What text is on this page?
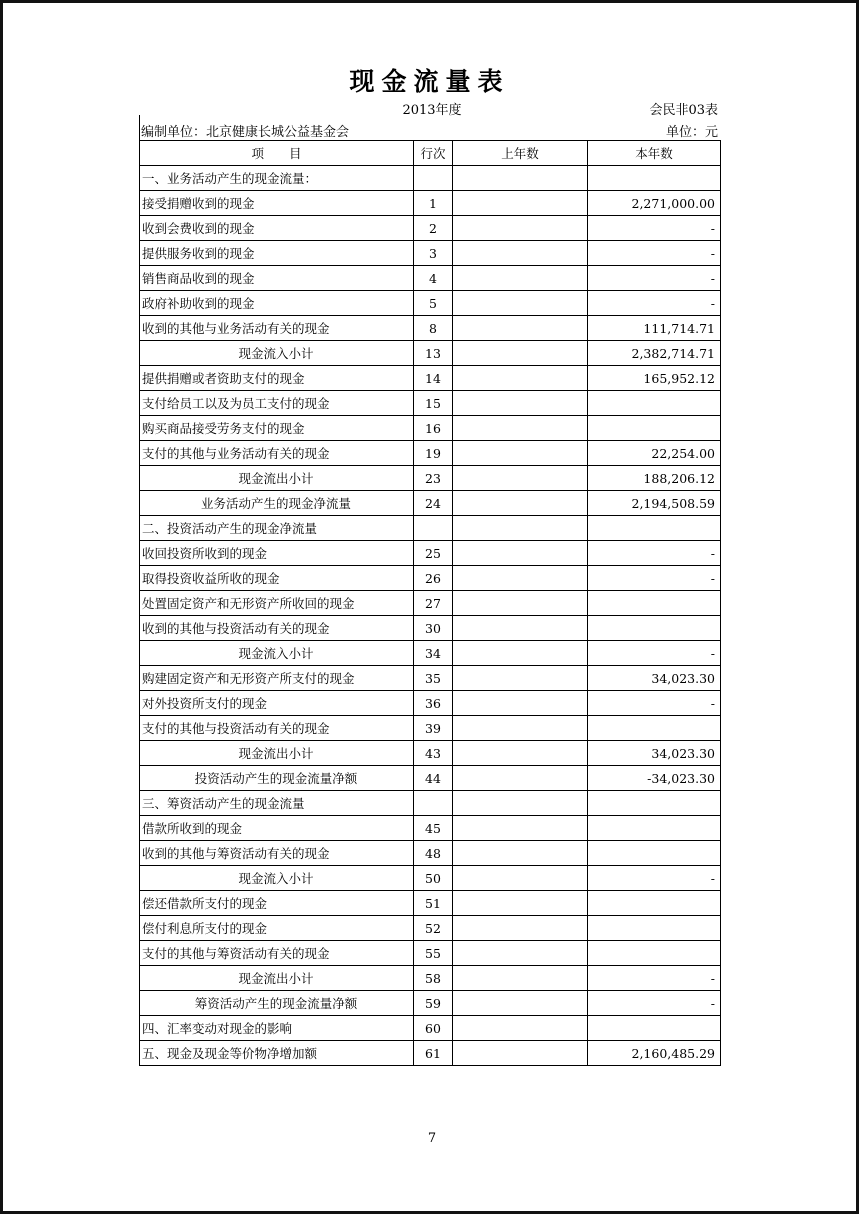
现金流量表
2013年度	会民非03表
编制单位：北京健康长城公益基金会	单位：元
项　　目	行次	上年数	本年数
一、业务活动产生的现金流量：			
接受捐赠收到的现金	1		2,271,000.00
收到会费收到的现金	2		-
提供服务收到的现金	3		-
销售商品收到的现金	4		-
政府补助收到的现金	5		-
收到的其他与业务活动有关的现金	8		111,714.71
现金流入小计	13		2,382,714.71
提供捐赠或者资助支付的现金	14		165,952.12
支付给员工以及为员工支付的现金	15		
购买商品接受劳务支付的现金	16		
支付的其他与业务活动有关的现金	19		22,254.00
现金流出小计	23		188,206.12
业务活动产生的现金净流量	24		2,194,508.59
二、投资活动产生的现金净流量			
收回投资所收到的现金	25		-
取得投资收益所收的现金	26		-
处置固定资产和无形资产所收回的现金	27		
收到的其他与投资活动有关的现金	30		
现金流入小计	34		-
购建固定资产和无形资产所支付的现金	35		34,023.30
对外投资所支付的现金	36		-
支付的其他与投资活动有关的现金	39		
现金流出小计	43		34,023.30
投资活动产生的现金流量净额	44		-34,023.30
三、筹资活动产生的现金流量			
借款所收到的现金	45		
收到的其他与筹资活动有关的现金	48		
现金流入小计	50		-
偿还借款所支付的现金	51		
偿付利息所支付的现金	52		
支付的其他与筹资活动有关的现金	55		
现金流出小计	58		-
筹资活动产生的现金流量净额	59		-
四、汇率变动对现金的影响	60		
五、现金及现金等价物净增加额	61		2,160,485.29
7
